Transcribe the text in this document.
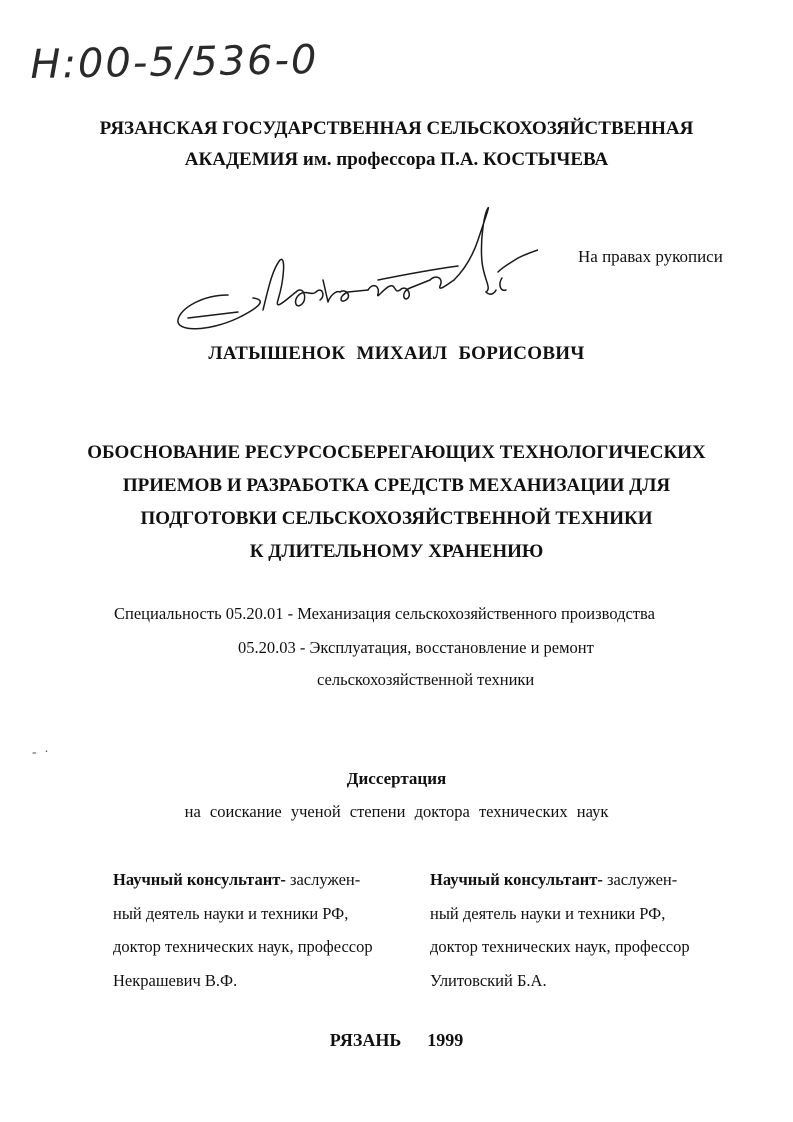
Н:00-5/536-0
РЯЗАНСКАЯ ГОСУДАРСТВЕННАЯ СЕЛЬСКОХОЗЯЙСТВЕННАЯ
АКАДЕМИЯ им. профессора П.А. КОСТЫЧЕВА
На правах рукописи
ЛАТЫШЕНОК МИХАИЛ БОРИСОВИЧ
ОБОСНОВАНИЕ РЕСУРСОСБЕРЕГАЮЩИХ ТЕХНОЛОГИЧЕСКИХ
ПРИЕМОВ И РАЗРАБОТКА СРЕДСТВ МЕХАНИЗАЦИИ ДЛЯ
ПОДГОТОВКИ СЕЛЬСКОХОЗЯЙСТВЕННОЙ ТЕХНИКИ
К ДЛИТЕЛЬНОМУ ХРАНЕНИЮ
Специальность 05.20.01 - Механизация сельскохозяйственного производства
05.20.03 - Эксплуатация, восстановление и ремонт
сельскохозяйственной техники
- ·
Диссертация
на соискание ученой степени доктора технических наук
Научный консультант- заслужен-
ный деятель науки и техники РФ,
доктор технических наук, профессор
Некрашевич В.Ф.
Научный консультант- заслужен-
ный деятель науки и техники РФ,
доктор технических наук, профессор
Улитовский Б.А.
РЯЗАНЬ 1999
